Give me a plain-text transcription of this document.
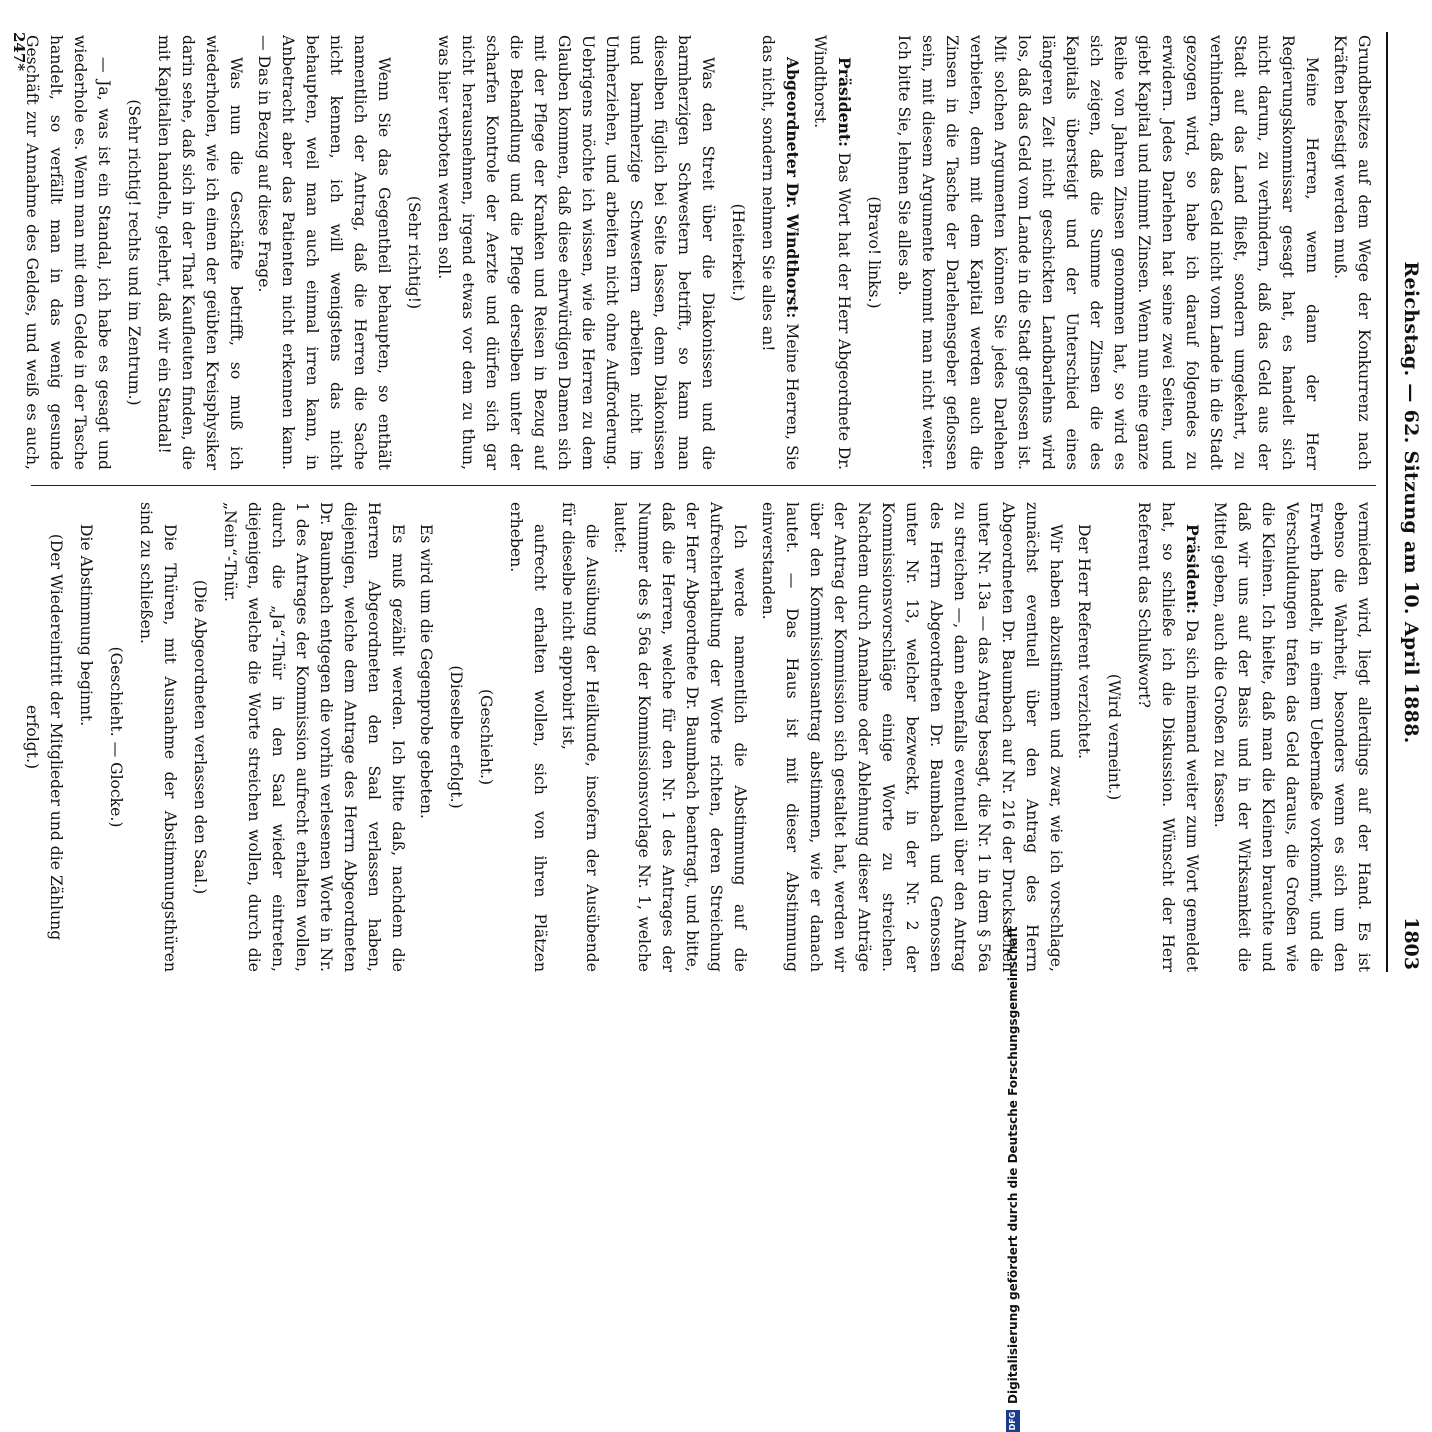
Reichstag. — 62. Sitzung am 10. April 1888.
1803

Grundbesitzes auf dem Wege der Konkurrenz nach Kräften befestigt werden muß.

Meine Herren, wenn dann der Herr Regierungskommissar gesagt hat, es handelt sich nicht darum, zu verhindern, daß das Geld aus der Stadt auf das Land fließt, sondern umgekehrt, zu verhindern, daß das Geld nicht vom Lande in die Stadt gezogen wird, so habe ich darauf folgendes zu erwidern. Jedes Darlehen hat seine zwei Seiten, und giebt Kapital und nimmt Zinsen. Wenn nun eine ganze Reihe von Jahren Zinsen genommen hat, so wird es sich zeigen, daß die Summe der Zinsen die des Kapitals übersteigt und der Unterschied eines längeren Zeit nicht geschickten Landbarlehns wird los, daß das Geld vom Lande in die Stadt geflossen ist. Mit solchen Argumenten können Sie jedes Darlehen verbieten, denn mit dem Kapital werden auch die Zinsen in die Tasche der Darlehensgeber geflossen sein, mit diesem Argumente kommt man nicht weiter. Ich bitte Sie, lehnen Sie alles ab.

(Bravo! links.)

Präsident: Das Wort hat der Herr Abgeordnete Dr. Windthorst.

Abgeordneter Dr. Windthorst: Meine Herren, Sie das nicht, sondern nehmen Sie alles an!

(Heiterkeit.)

Was den Streit über die Diakonissen und die barmherzigen Schwestern betrifft, so kann man dieselben füglich bei Seite lassen, denn Diakonissen und barmherzige Schwestern arbeiten nicht im Umherziehen, und arbeiten nicht ohne Aufforderung. Uebrigens möchte ich wissen, wie die Herren zu dem Glauben kommen, daß diese ehrwürdigen Damen sich mit der Pflege der Kranken und Reisen in Bezug auf die Behandlung und die Pflege derselben unter der scharfen Kontrole der Aerzte und dürfen sich gar nicht herausnehmen, irgend etwas vor dem zu thun, was hier verboten werden soll.

(Sehr richtig!)

Wenn Sie das Gegentheil behaupten, so enthält namentlich der Antrag, daß die Herren die Sache nicht kennen, ich will wenigstens das nicht behaupten, weil man auch einmal irren kann, in Anbetracht aber das Patienten nicht erkennen kann. — Das in Bezug auf diese Frage.

Was nun die Geschäfte betrifft, so muß ich wiederholen, wie ich einen der geübten Kreisphysiker darin sehe, daß sich in der That Kaufleuten finden, die mit Kapitalien handeln, gelehrt, daß wir ein Standal!

(Sehr richtig! rechts und im Zentrum.)

— Ja, was ist ein Standal, ich habe es gesagt und wiederhole es. Wenn man mit dem Gelde in der Tasche handelt, so verfällt man in das wenig gesunde Geschäft zur Annahme des Geldes, und weiß es auch,

vermieden wird, liegt allerdings auf der Hand. Es ist ebenso die Wahrheit, besonders wenn es sich um den Erwerb handelt, in einem Uebermaße vorkommt, und die Verschuldungen trafen das Geld daraus, die Großen wie die Kleinen. Ich hielte, daß man die Kleinen brauchte und daß wir uns auf der Basis und in der Wirksamkeit die Mittel geben, auch die Großen zu fassen.

Präsident: Da sich niemand weiter zum Wort gemeldet hat, so schließe ich die Diskussion. Wünscht der Herr Referent das Schlußwort?

(Wird verneint.)

Der Herr Referent verzichtet.

Wir haben abzustimmen und zwar, wie ich vorschlage, zunächst eventuell über den Antrag des Herrn Abgeordneten Dr. Baumbach auf Nr. 216 der Drucksachen unter Nr. 13a — das Antrag besagt, die Nr. 1 in dem § 56a zu streichen —, dann ebenfalls eventuell über den Antrag des Herrn Abgeordneten Dr. Baumbach und Genossen unter Nr. 13, welcher bezweckt, in der Nr. 2 der Kommissionsvorschläge einige Worte zu streichen. Nachdem durch Annahme oder Ablehnung dieser Anträge der Antrag der Kommission sich gestaltet hat, werden wir über den Kommissionsantrag abstimmen, wie er danach lautet. — Das Haus ist mit dieser Abstimmung einverstanden.

Ich werde namentlich die Abstimmung auf die Aufrechterhaltung der Worte richten, deren Streichung der Herr Abgeordnete Dr. Baumbach beantragt, und bitte, daß die Herren, welche für den Nr. 1 des Antrages der Nummer des § 56a der Kommissionsvorlage Nr. 1, welche lautet:

die Ausübung der Heilkunde, insofern der Ausübende für dieselbe nicht approbirt ist,

aufrecht erhalten wollen, sich von ihren Plätzen erheben.

(Geschieht.)

(Dieselbe erfolgt.)

Es wird um die Gegenprobe gebeten.

Es muß gezählt werden. Ich bitte daß, nachdem die Herren Abgeordneten den Saal verlassen haben, diejenigen, welche dem Antrage des Herrn Abgeordneten Dr. Baumbach entgegen die vorhin verlesenen Worte in Nr. 1 des Antrages der Kommission aufrecht erhalten wollen, durch die „Ja“-Thür in den Saal wieder eintreten, diejenigen, welche die Worte streichen wollen, durch die „Nein“-Thür.

(Die Abgeordneten verlassen den Saal.)

Die Thüren, mit Ausnahme der Abstimmungsthüren sind zu schließen.

(Geschieht. — Glocke.)

Die Abstimmung beginnt.

(Der Wiedereintritt der Mitglieder und die Zählung erfolgt.)

247*
DFG
Digitalisierung gefördert durch die Deutsche Forschungsgemeinschaft
